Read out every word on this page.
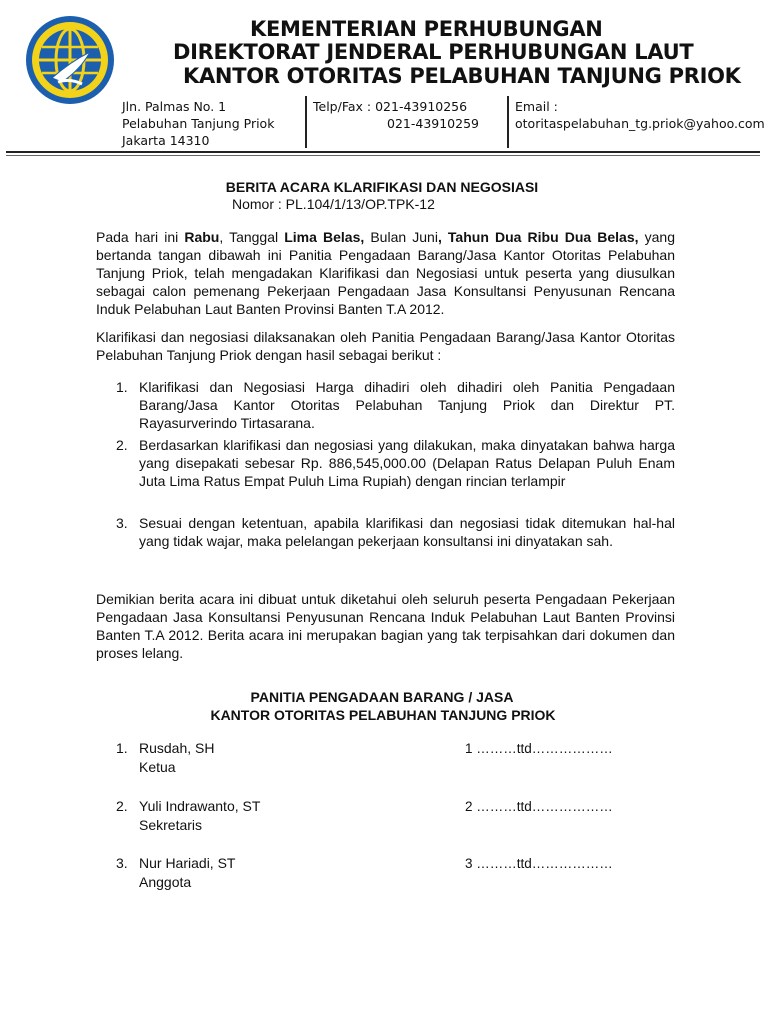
KEMENTERIAN PERHUBUNGAN
DIREKTORAT JENDERAL PERHUBUNGAN LAUT
KANTOR OTORITAS PELABUHAN TANJUNG PRIOK
Jln. Palmas No. 1
Pelabuhan Tanjung Priok
Jakarta 14310
Telp/Fax : 021-43910256
021-43910259
Email :
otoritaspelabuhan_tg.priok@yahoo.com
BERITA ACARA KLARIFIKASI DAN NEGOSIASI
Nomor : PL.104/1/13/OP.TPK-12
Pada hari ini Rabu, Tanggal Lima Belas, Bulan Juni, Tahun Dua Ribu Dua Belas, yang bertanda tangan dibawah ini Panitia Pengadaan Barang/Jasa Kantor Otoritas Pelabuhan Tanjung Priok, telah mengadakan Klarifikasi dan Negosiasi untuk peserta yang diusulkan sebagai calon pemenang Pekerjaan Pengadaan Jasa Konsultansi Penyusunan Rencana Induk Pelabuhan Laut Banten Provinsi Banten T.A 2012.
Klarifikasi dan negosiasi dilaksanakan oleh Panitia Pengadaan Barang/Jasa Kantor Otoritas Pelabuhan Tanjung Priok dengan hasil sebagai berikut :
1. Klarifikasi dan Negosiasi Harga dihadiri oleh dihadiri oleh Panitia Pengadaan Barang/Jasa Kantor Otoritas Pelabuhan Tanjung Priok dan Direktur PT. Rayasurverindo Tirtasarana.
2. Berdasarkan klarifikasi dan negosiasi yang dilakukan, maka dinyatakan bahwa harga yang disepakati sebesar Rp. 886,545,000.00 (Delapan Ratus Delapan Puluh Enam Juta Lima Ratus Empat Puluh Lima Rupiah) dengan rincian terlampir
3. Sesuai dengan ketentuan, apabila klarifikasi dan negosiasi tidak ditemukan hal-hal yang tidak wajar, maka pelelangan pekerjaan konsultansi ini dinyatakan sah.
Demikian berita acara ini dibuat untuk diketahui oleh seluruh peserta Pengadaan Pekerjaan Pengadaan Jasa Konsultansi Penyusunan Rencana Induk Pelabuhan Laut Banten Provinsi Banten T.A 2012. Berita acara ini merupakan bagian yang tak terpisahkan dari dokumen dan proses lelang.
PANITIA PENGADAAN BARANG / JASA
KANTOR OTORITAS PELABUHAN TANJUNG PRIOK
1. Rusdah, SH
Ketua
1 ………ttd………………
2. Yuli Indrawanto, ST
Sekretaris
2 ………ttd………………
3. Nur Hariadi, ST
Anggota
3 ………ttd………………
